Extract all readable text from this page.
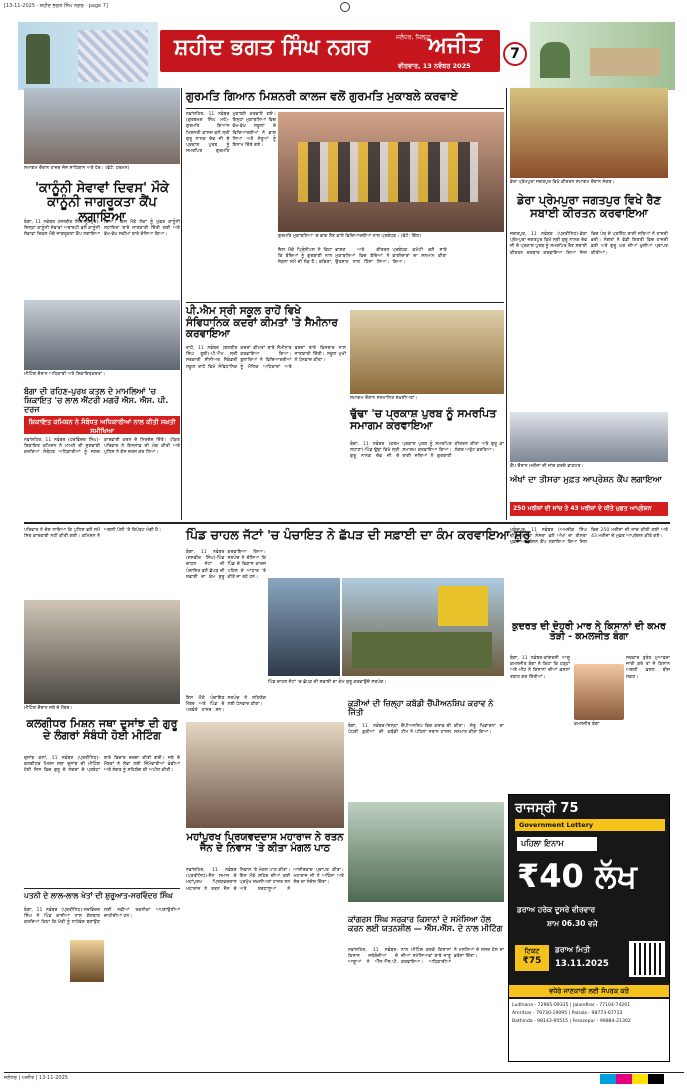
[13-11-2025 · ਸ਼ਹੀਦ ਭਗਤ ਸਿੰਘ ਨਗਰ · page 7]
ਸ਼ਹੀਦ ਭਗਤ ਸਿੰਘ ਨਗਰ	ਜਲੰਧਰ, ਜ਼ਿਲ੍ਹਾ
ਅਜੀਤ
ਵੀਰਵਾਰ, 13 ਨਵੰਬਰ 2025
7
ਸਮਾਗਮ ਦੌਰਾਨ ਹਾਜ਼ਰ ਜੱਜ ਸਾਹਿਬਾਨ ਅਤੇ ਹੋਰ। (ਫੋਟੋ: ਹਰਮਨ)
'ਕਾਨੂੰਨੀ ਸੇਵਾਵਾਂ ਦਿਵਸ' ਮੌਕੇ ਕਾਨੂੰਨੀ ਜਾਗਰੂਕਤਾ ਕੈਂਪ ਲਗਾਇਆ
ਬੰਗਾ, 11 ਨਵੰਬਰ (ਜਸਬੀਰ ਸਿੰਘ ਨੂਰਪੁਰ)-ਜ਼ਿਲ੍ਹਾ ਕਾਨੂੰਨੀ ਸੇਵਾਵਾਂ ਅਥਾਰਟੀ ਵਲੋਂ ਕਾਨੂੰਨੀ ਸੇਵਾਵਾਂ ਦਿਵਸ ਮੌਕੇ ਜਾਗਰੂਕਤਾ ਕੈਂਪ ਲਗਾਇਆ ਗਿਆ। ਇਸ ਮੌਕੇ ਲੋਕਾਂ ਨੂੰ ਮੁਫ਼ਤ ਕਾਨੂੰਨੀ ਸਹਾਇਤਾ ਬਾਰੇ ਜਾਣਕਾਰੀ ਦਿੱਤੀ ਗਈ ਅਤੇ ਵੱਖ-ਵੱਖ ਸਕੀਮਾਂ ਬਾਰੇ ਦੱਸਿਆ ਗਿਆ।
ਮੀਟਿੰਗ ਦੌਰਾਨ ਅਧਿਕਾਰੀ ਅਤੇ ਸ਼ਿਕਾਇਤਕਰਤਾ।
ਬੰਗਾ ਦੀ ਰਹਿਣ-ਪੁਰਖ ਕਤਲ ਦੇ ਮਾਮਲਿਆਂ 'ਚ ਸ਼ਿਕਾਇਤ 'ਚ ਲਾਲ ਐਂਟਰੀ ਮਗਰੋਂ ਐਸ. ਐਸ. ਪੀ. ਦਰਜ
ਸ਼ਿਕਾਇਤ ਕਮਿਸ਼ਨ ਨੇ ਸੰਬੰਧਤ ਅਧਿਕਾਰੀਆਂ ਨਾਲ ਕੀਤੀ ਸਖ਼ਤੀ ਸਮੀਖਿਆ
ਨਵਾਂਸ਼ਹਿਰ, 11 ਨਵੰਬਰ (ਹਰਵਿੰਦਰ ਸਿੰਘ)-ਸ਼ਿਕਾਇਤ ਕਮਿਸ਼ਨ ਨੇ ਮਾਮਲੇ ਦੀ ਸੁਣਵਾਈ ਕਰਦਿਆਂ ਸੰਬੰਧਤ ਅਧਿਕਾਰੀਆਂ ਨੂੰ ਜਲਦ ਕਾਰਵਾਈ ਕਰਨ ਦੇ ਨਿਰਦੇਸ਼ ਦਿੱਤੇ। ਪੀੜਤ ਪਰਿਵਾਰ ਨੇ ਇਨਸਾਫ਼ ਦੀ ਮੰਗ ਕੀਤੀ ਅਤੇ ਪੁਲਿਸ ਨੇ ਕੇਸ ਦਰਜ ਕਰ ਲਿਆ।
ਗੁਰਮਤਿ ਗਿਆਨ ਮਿਸ਼ਨਰੀ ਕਾਲਜ ਵਲੋਂ ਗੁਰਮਤਿ ਮੁਕਾਬਲੇ ਕਰਵਾਏ
ਨਵਾਂਸ਼ਹਿਰ, 11 ਨਵੰਬਰ (ਗੁਰਬਖਸ਼ ਸਿੰਘ ਮਹੇ)-ਗੁਰਮਤਿ ਗਿਆਨ ਮਿਸ਼ਨਰੀ ਕਾਲਜ ਵਲੋਂ ਸ੍ਰੀ ਗੁਰੂ ਨਾਨਕ ਦੇਵ ਜੀ ਦੇ ਪ੍ਰਕਾਸ਼ ਪੁਰਬ ਨੂੰ ਸਮਰਪਿਤ ਗੁਰਮਤਿ ਮੁਕਾਬਲੇ ਕਰਵਾਏ ਗਏ। ਇਨ੍ਹਾਂ ਮੁਕਾਬਲਿਆਂ ਵਿਚ ਵੱਖ-ਵੱਖ ਸਕੂਲਾਂ ਦੇ ਵਿਦਿਆਰਥੀਆਂ ਨੇ ਭਾਗ ਲਿਆ ਅਤੇ ਜੇਤੂਆਂ ਨੂੰ ਇਨਾਮ ਦਿੱਤੇ ਗਏ।
ਗੁਰਮਤਿ ਮੁਕਾਬਲਿਆਂ 'ਚ ਭਾਗ ਲੈਣ ਵਾਲੇ ਵਿਦਿਆਰਥੀਆਂ ਨਾਲ ਪ੍ਰਬੰਧਕ। (ਫੋਟੋ: ਗਿੱਲ)
ਇਸ ਮੌਕੇ ਪ੍ਰਿੰਸੀਪਲ ਨੇ ਕਿਹਾ ਕਿ ਬੱਚਿਆਂ ਨੂੰ ਗੁਰਬਾਣੀ ਨਾਲ ਜੋੜਨਾ ਸਮੇਂ ਦੀ ਲੋੜ ਹੈ। ਕਵਿਤਾ, ਭਾਸ਼ਣ ਅਤੇ ਕੀਰਤਨ ਮੁਕਾਬਲਿਆਂ ਵਿਚ ਬੱਚਿਆਂ ਨੇ ਉਤਸ਼ਾਹ ਨਾਲ ਹਿੱਸਾ ਲਿਆ। ਪ੍ਰਬੰਧਕ ਕਮੇਟੀ ਵਲੋਂ ਸਾਰੇ ਭਾਗੀਦਾਰਾਂ ਦਾ ਸਨਮਾਨ ਕੀਤਾ ਗਿਆ।
ਪੀ.ਐਮ ਸ੍ਰੀ ਸਕੂਲ ਰਾਹੋਂ ਵਿਖੇ ਸੰਵਿਧਾਨਿਕ ਕਦਰਾਂ ਕੀਮਤਾਂ 'ਤੇ ਸੈਮੀਨਾਰ ਕਰਵਾਇਆ
ਰਾਹੋਂ, 11 ਨਵੰਬਰ (ਬਲਬੀਰ ਸਿੰਘ ਰੂਬੀ)-ਪੀ.ਐਮ ਸ੍ਰੀ ਸਰਕਾਰੀ ਸੀਨੀਅਰ ਸੈਕੰਡਰੀ ਸਕੂਲ ਰਾਹੋਂ ਵਿਖੇ ਸੰਵਿਧਾਨਿਕ ਕਦਰਾਂ ਕੀਮਤਾਂ ਬਾਰੇ ਸੈਮੀਨਾਰ ਕਰਵਾਇਆ ਗਿਆ। ਬੁਲਾਰਿਆਂ ਨੇ ਵਿਦਿਆਰਥੀਆਂ ਨੂੰ ਮੌਲਿਕ ਅਧਿਕਾਰਾਂ ਅਤੇ ਫਰਜ਼ਾਂ ਬਾਰੇ ਵਿਸਥਾਰ ਨਾਲ ਜਾਣਕਾਰੀ ਦਿੱਤੀ। ਸਕੂਲ ਮੁਖੀ ਨੇ ਧੰਨਵਾਦ ਕੀਤਾ।
ਸਮਾਗਮ ਦੌਰਾਨ ਸਨਮਾਨਿਤ ਸ਼ਖ਼ਸੀਅਤਾਂ।
ਢੁੱਢਾ 'ਚ ਪ੍ਰਕਾਸ਼ ਪੁਰਬ ਨੂੰ ਸਮਰਪਿਤ ਸਮਾਗਮ ਕਰਵਾਇਆ
ਬੰਗਾ, 11 ਨਵੰਬਰ (ਕਰਮ ਲਧਾਣਾ)-ਪਿੰਡ ਢੁੱਢਾ ਵਿਖੇ ਸ੍ਰੀ ਗੁਰੂ ਨਾਨਕ ਦੇਵ ਜੀ ਦੇ ਪ੍ਰਕਾਸ਼ ਪੁਰਬ ਨੂੰ ਸਮਰਪਿਤ ਸਮਾਗਮ ਕਰਵਾਇਆ ਗਿਆ। ਰਾਗੀ ਜਥਿਆਂ ਨੇ ਗੁਰਬਾਣੀ ਕੀਰਤਨ ਕੀਤਾ ਅਤੇ ਗੁਰੂ ਕਾ ਲੰਗਰ ਅਤੁੱਟ ਵਰਤਿਆ।
ਡੇਰਾ ਪ੍ਰੇਮਪੁਰਾ ਜਗਤਪੁਰ ਵਿਖੇ ਕੀਰਤਨ ਸਮਾਗਮ ਦੌਰਾਨ ਸੰਗਤ।
ਡੇਰਾ ਪ੍ਰੇਮਪੁਰਾ ਜਗਤਪੁਰ ਵਿਖੇ ਰੈਣ ਸਬਾਈ ਕੀਰਤਨ ਕਰਵਾਇਆ
ਜਗਤਪੁਰ, 11 ਨਵੰਬਰ (ਪ੍ਰਤੀਨਿਧ)-ਡੇਰਾ ਪ੍ਰੇਮਪੁਰਾ ਜਗਤਪੁਰ ਵਿਖੇ ਸ੍ਰੀ ਗੁਰੂ ਨਾਨਕ ਦੇਵ ਜੀ ਦੇ ਪ੍ਰਕਾਸ਼ ਪੁਰਬ ਨੂੰ ਸਮਰਪਿਤ ਰੈਣ ਸਬਾਈ ਕੀਰਤਨ ਦਰਬਾਰ ਕਰਵਾਇਆ ਗਿਆ ਜਿਸ ਵਿਚ ਪੰਥ ਦੇ ਪ੍ਰਸਿੱਧ ਰਾਗੀ ਜਥਿਆਂ ਨੇ ਹਾਜ਼ਰੀ ਭਰੀ। ਸੰਗਤਾਂ ਨੇ ਵੱਡੀ ਗਿਣਤੀ ਵਿਚ ਹਾਜ਼ਰੀ ਭਰੀ ਅਤੇ ਗੁਰੂ ਘਰ ਦੀਆਂ ਖ਼ੁਸ਼ੀਆਂ ਪ੍ਰਾਪਤ ਕੀਤੀਆਂ।
ਕੈਂਪ ਦੌਰਾਨ ਮਰੀਜ਼ਾਂ ਦੀ ਜਾਂਚ ਕਰਦੇ ਡਾਕਟਰ।
ਅੱਖਾਂ ਦਾ ਤੀਸਰਾ ਮੁਫ਼ਤ ਆਪ੍ਰੇਸ਼ਨ ਕੈਂਪ ਲਗਾਇਆ
250 ਮਰੀਜ਼ਾਂ ਦੀ ਜਾਂਚ ਤੇ 43 ਮਰੀਜ਼ਾਂ ਦੇ ਕੀਤੇ ਮੁਫ਼ਤ ਆਪ੍ਰੇਸ਼ਨ
ਪਿੰਡ ਚਾਹਲ ਜੱਟਾਂ 'ਚ ਪੰਚਾਇਤ ਨੇ ਛੱਪੜ ਦੀ ਸਫ਼ਾਈ ਦਾ ਕੰਮ ਕਰਵਾਇਆ ਸ਼ੁਰੂ
ਮੀਟਿੰਗ ਦੌਰਾਨ ਜਥੇ ਦੇ ਮੈਂਬਰ।
ਪਰਿਵਾਰ ਨੇ ਦੋਸ਼ ਲਾਇਆ ਕਿ ਪੁਲਿਸ ਵਲੋਂ ਸਮੇਂ ਸਿਰ ਕਾਰਵਾਈ ਨਹੀਂ ਕੀਤੀ ਗਈ। ਕਮਿਸ਼ਨ ਨੇ ਅਗਲੀ ਪੇਸ਼ੀ 'ਤੇ ਰਿਪੋਰਟ ਮੰਗੀ ਹੈ।
ਬੰਗਾ, 11 ਨਵੰਬਰ (ਜਸਵੀਰ ਸਿੰਘ)-ਪਿੰਡ ਚਾਹਲ ਜੱਟਾਂ ਦੀ ਪੰਚਾਇਤ ਵਲੋਂ ਛੱਪੜ ਦੀ ਸਫ਼ਾਈ ਦਾ ਕੰਮ ਸ਼ੁਰੂ ਕਰਵਾਇਆ ਗਿਆ। ਸਰਪੰਚ ਨੇ ਦੱਸਿਆ ਕਿ ਪਿੰਡ ਦੇ ਵਿਕਾਸ ਕਾਰਜ ਪਹਿਲ ਦੇ ਆਧਾਰ 'ਤੇ ਕੀਤੇ ਜਾ ਰਹੇ ਹਨ।
ਪਿੰਡ ਚਾਹਲ ਜੱਟਾਂ 'ਚ ਛੱਪੜ ਦੀ ਸਫ਼ਾਈ ਦਾ ਕੰਮ ਸ਼ੁਰੂ ਕਰਵਾਉਂਦੇ ਸਰਪੰਚ।
ਮੁਕੰਦਪੁਰ, 11 ਨਵੰਬਰ (ਅਮਰੀਕ ਸਿੰਘ ਢੀਂਡਸਾ)-ਸੇਵਾ ਸੰਸਥਾ ਵਲੋਂ ਅੱਖਾਂ ਦਾ ਤੀਸਰਾ ਮੁਫ਼ਤ ਆਪ੍ਰੇਸ਼ਨ ਕੈਂਪ ਲਗਾਇਆ ਗਿਆ ਜਿਸ ਵਿਚ 250 ਮਰੀਜ਼ਾਂ ਦੀ ਜਾਂਚ ਕੀਤੀ ਗਈ ਅਤੇ 43 ਮਰੀਜ਼ਾਂ ਦੇ ਮੁਫ਼ਤ ਆਪ੍ਰੇਸ਼ਨ ਕੀਤੇ ਗਏ।
ਕੁਦਰਤ ਦੀ ਦੋਹਰੀ ਮਾਰ ਨੇ ਕਿਸਾਨਾਂ ਦੀ ਕਮਰ ਤੋੜੀ - ਕਮਲਜੀਤ ਬੰਗਾ
ਬੰਗਾ, 11 ਨਵੰਬਰ-ਕਾਂਗਰਸੀ ਆਗੂ ਕਮਲਜੀਤ ਬੰਗਾ ਨੇ ਕਿਹਾ ਕਿ ਹੜ੍ਹਾਂ ਅਤੇ ਮੀਂਹ ਨੇ ਕਿਸਾਨਾਂ ਦੀਆਂ ਫ਼ਸਲਾਂ ਤਬਾਹ ਕਰ ਦਿੱਤੀਆਂ।
ਕਮਲਜੀਤ ਬੰਗਾ
ਸਰਕਾਰ ਤੁਰੰਤ ਮੁਆਵਜ਼ਾ ਜਾਰੀ ਕਰੇ ਤਾਂ ਜੋ ਕਿਸਾਨ ਅਗਲੀ ਫ਼ਸਲ ਬੀਜ ਸਕਣ।
ਕਲਗੀਧਰ ਮਿਸ਼ਨ ਜਥਾ ਦੁਸਾਂਝ ਦੀ ਗੁਰੂ ਦੇ ਲੰਗਰਾਂ ਸੰਬੰਧੀ ਹੋਈ ਮੀਟਿੰਗ
ਦੁਸਾਂਝ ਕਲਾਂ, 11 ਨਵੰਬਰ (ਪ੍ਰਤੀਨਿਧ)-ਕਲਗੀਧਰ ਮਿਸ਼ਨ ਜਥਾ ਦੁਸਾਂਝ ਦੀ ਮੀਟਿੰਗ ਹੋਈ ਜਿਸ ਵਿਚ ਗੁਰੂ ਦੇ ਲੰਗਰਾਂ ਦੇ ਪ੍ਰਬੰਧਾਂ ਬਾਰੇ ਵਿਚਾਰ ਚਰਚਾ ਕੀਤੀ ਗਈ। ਜਥੇ ਦੇ ਮੈਂਬਰਾਂ ਨੇ ਸੇਵਾ ਲਈ ਜ਼ਿੰਮੇਵਾਰੀਆਂ ਵੰਡੀਆਂ ਅਤੇ ਸੰਗਤ ਨੂੰ ਸਹਿਯੋਗ ਦੀ ਅਪੀਲ ਕੀਤੀ।
ਪਤਨੀ ਦੇ ਲਾਲ-ਲਾਲ ਖੇਤਾਂ ਦੀ ਸ਼ੁਰੂਆਤ-ਸਰਵਿੰਦਰ ਸਿੰਘ
ਬੰਗਾ, 11 ਨਵੰਬਰ (ਪ੍ਰਤੀਨਿਧ)-ਸਰਵਿੰਦਰ ਸਿੰਘ ਨੇ ਪਿੰਡ ਵਾਸੀਆਂ ਨਾਲ ਗੱਲਬਾਤ ਕਰਦਿਆਂ ਕਿਹਾ ਕਿ ਖੇਤੀ ਨੂੰ ਲਾਹੇਵੰਦ ਬਣਾਉਣ ਲਈ ਨਵੀਆਂ ਤਕਨੀਕਾਂ ਅਪਣਾਉਣੀਆਂ ਚਾਹੀਦੀਆਂ ਹਨ।
ਇਸ ਮੌਕੇ ਪੰਚਾਇਤ ਮੈਂਬਰ ਅਤੇ ਪਿੰਡ ਦੇ ਪਤਵੰਤੇ ਹਾਜ਼ਰ ਸਨ। ਸਰਪੰਚ ਨੇ ਸਹਿਯੋਗ ਲਈ ਧੰਨਵਾਦ ਕੀਤਾ।
ਮਹਾਂਪੁਰਖ ਪ੍ਰਿਯਵਦਦਾਸ ਮਹਾਰਾਜ ਨੇ ਰਤਨ ਜੈਨ ਦੇ ਨਿਵਾਸ 'ਤੇ ਕੀਤਾ ਮੰਗਲ ਪਾਠ
ਨਵਾਂਸ਼ਹਿਰ, 11 ਨਵੰਬਰ (ਪ੍ਰਤੀਨਿਧ)-ਜੈਨ ਸਮਾਜ ਦੇ ਮਹਾਂਪੁਰਖ ਪ੍ਰਿਯਵਦਦਾਸ ਮਹਾਰਾਜ ਨੇ ਰਤਨ ਜੈਨ ਦੇ ਨਿਵਾਸ 'ਤੇ ਮੰਗਲ ਪਾਠ ਕੀਤਾ। ਇਸ ਮੌਕੇ ਸ਼ਹਿਰ ਦੀਆਂ ਕਈ ਪ੍ਰਮੁੱਖ ਸ਼ਖ਼ਸੀਅਤਾਂ ਹਾਜ਼ਰ ਸਨ ਅਤੇ ਸ਼ਰਧਾਲੂਆਂ ਨੇ ਆਸ਼ੀਰਵਾਦ ਪ੍ਰਾਪਤ ਕੀਤਾ। ਮਹਾਰਾਜ ਜੀ ਨੇ ਅਹਿੰਸਾ ਅਤੇ ਸੱਚ ਦਾ ਸੰਦੇਸ਼ ਦਿੱਤਾ।
ਕੁੜੀਆਂ ਦੀ ਜ਼ਿਲ੍ਹਾ ਕਬੱਡੀ ਚੈਂਪੀਅਨਸ਼ਿਪ ਕਰਾਵ ਨੇ ਜਿੱਤੀ
ਬੰਗਾ, 11 ਨਵੰਬਰ-ਜ਼ਿਲ੍ਹਾ ਪੱਧਰੀ ਕੁੜੀਆਂ ਦੀ ਕਬੱਡੀ ਚੈਂਪੀਅਨਸ਼ਿਪ ਵਿਚ ਕਰਾਵ ਦੀ ਟੀਮ ਨੇ ਪਹਿਲਾ ਸਥਾਨ ਹਾਸਲ ਕੀਤਾ। ਜੇਤੂ ਖਿਡਾਰਨਾਂ ਦਾ ਸਨਮਾਨ ਕੀਤਾ ਗਿਆ।
ਕਾਂਗਰਸ ਸਿੰਘ ਸਰਕਾਰ ਕਿਸਾਨਾਂ ਦੇ ਸਮੱਸਿਆ ਹੱਲ ਕਰਨ ਲਈ ਯਤਨਸ਼ੀਲ — ਐੱਸ.ਐੱਸ. ਦੇ ਨਾਲ ਮੀਟਿੰਗ
ਨਵਾਂਸ਼ਹਿਰ, 11 ਨਵੰਬਰ-ਕਿਸਾਨ ਜਥੇਬੰਦੀਆਂ ਦੇ ਆਗੂਆਂ ਨੇ ਐੱਸ.ਐੱਸ.ਪੀ. ਨਾਲ ਮੀਟਿੰਗ ਕਰਕੇ ਕਿਸਾਨਾਂ ਦੀਆਂ ਸਮੱਸਿਆਵਾਂ ਬਾਰੇ ਜਾਣੂ ਕਰਵਾਇਆ। ਅਧਿਕਾਰੀਆਂ ਨੇ ਮਸਲਿਆਂ ਦੇ ਜਲਦ ਹੱਲ ਦਾ ਭਰੋਸਾ ਦਿੱਤਾ।
ਰਾਜਸ੍ਰੀ 75
Government Lottery
ਪਹਿਲਾ ਇਨਾਮ
₹40 ਲੱਖ
ਡਰਾਅ ਹਰੇਕ ਦੂਸਰੇ ਵੀਰਵਾਰ
ਸ਼ਾਮ 06.30 ਵਜੇ
ਟਿਕਟ
₹75
ਡਰਾਅ ਮਿਤੀ
13.11.2025
ਵਧੇਰੇ ਜਾਣਕਾਰੀ ਲਈ ਸੰਪਰਕ ਕਰੋ
Ludhiana - 72965-09335 | Jalandhar - 77104-74201
Amritsar - 79730-19095 | Patiala - 98773-67713
Bathinda - 98143-95515 | Ferozepur - 99884-21302
ਜਲੰਧਰ | ਅਜੀਤ | 13-11-2025
